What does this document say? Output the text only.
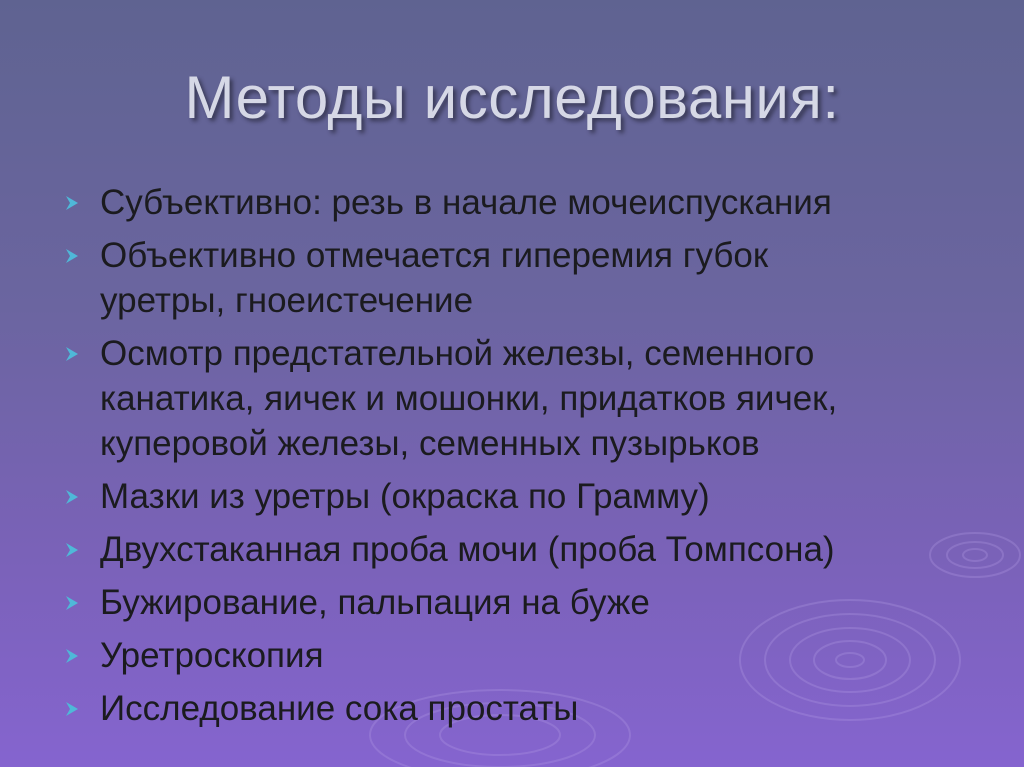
Методы исследования:
Субъективно: резь в начале мочеиспускания
Объективно отмечается гиперемия губок
уретры, гноеистечение
Осмотр предстательной железы, семенного
канатика, яичек и мошонки, придатков яичек,
куперовой железы, семенных пузырьков
Мазки из уретры (окраска по Грамму)
Двухстаканная проба мочи (проба Томпсона)
Бужирование, пальпация на буже
Уретроскопия
Исследование сока простаты
